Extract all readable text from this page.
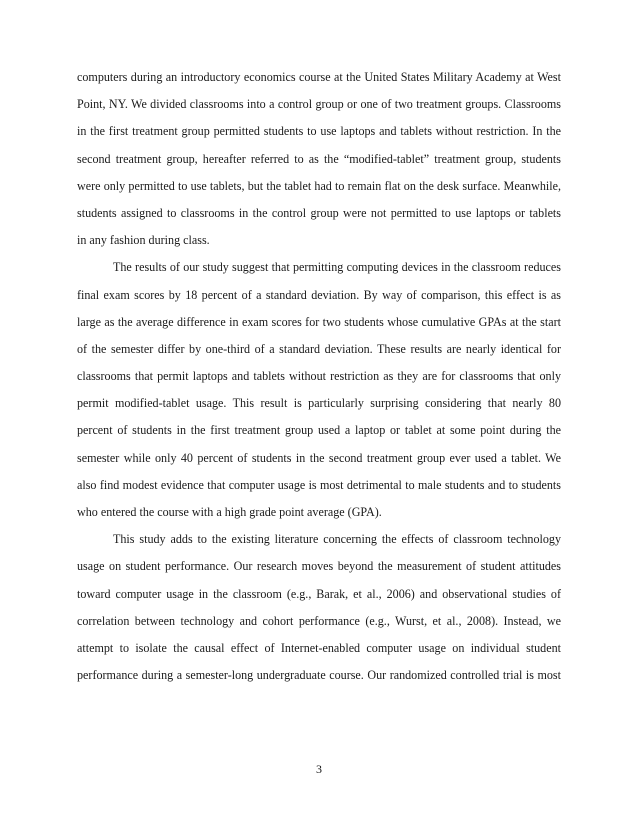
computers during an introductory economics course at the United States Military Academy at West
Point, NY. We divided classrooms into a control group or one of two treatment groups. Classrooms
in the first treatment group permitted students to use laptops and tablets without restriction. In the
second treatment group, hereafter referred to as the “modified-tablet” treatment group, students
were only permitted to use tablets, but the tablet had to remain flat on the desk surface. Meanwhile,
students assigned to classrooms in the control group were not permitted to use laptops or tablets
in any fashion during class.
The results of our study suggest that permitting computing devices in the classroom reduces
final exam scores by 18 percent of a standard deviation. By way of comparison, this effect is as
large as the average difference in exam scores for two students whose cumulative GPAs at the start
of the semester differ by one-third of a standard deviation. These results are nearly identical for
classrooms that permit laptops and tablets without restriction as they are for classrooms that only
permit modified-tablet usage. This result is particularly surprising considering that nearly 80
percent of students in the first treatment group used a laptop or tablet at some point during the
semester while only 40 percent of students in the second treatment group ever used a tablet. We
also find modest evidence that computer usage is most detrimental to male students and to students
who entered the course with a high grade point average (GPA).
This study adds to the existing literature concerning the effects of classroom technology
usage on student performance. Our research moves beyond the measurement of student attitudes
toward computer usage in the classroom (e.g., Barak, et al., 2006) and observational studies of
correlation between technology and cohort performance (e.g., Wurst, et al., 2008). Instead, we
attempt to isolate the causal effect of Internet-enabled computer usage on individual student
performance during a semester-long undergraduate course. Our randomized controlled trial is most
3
